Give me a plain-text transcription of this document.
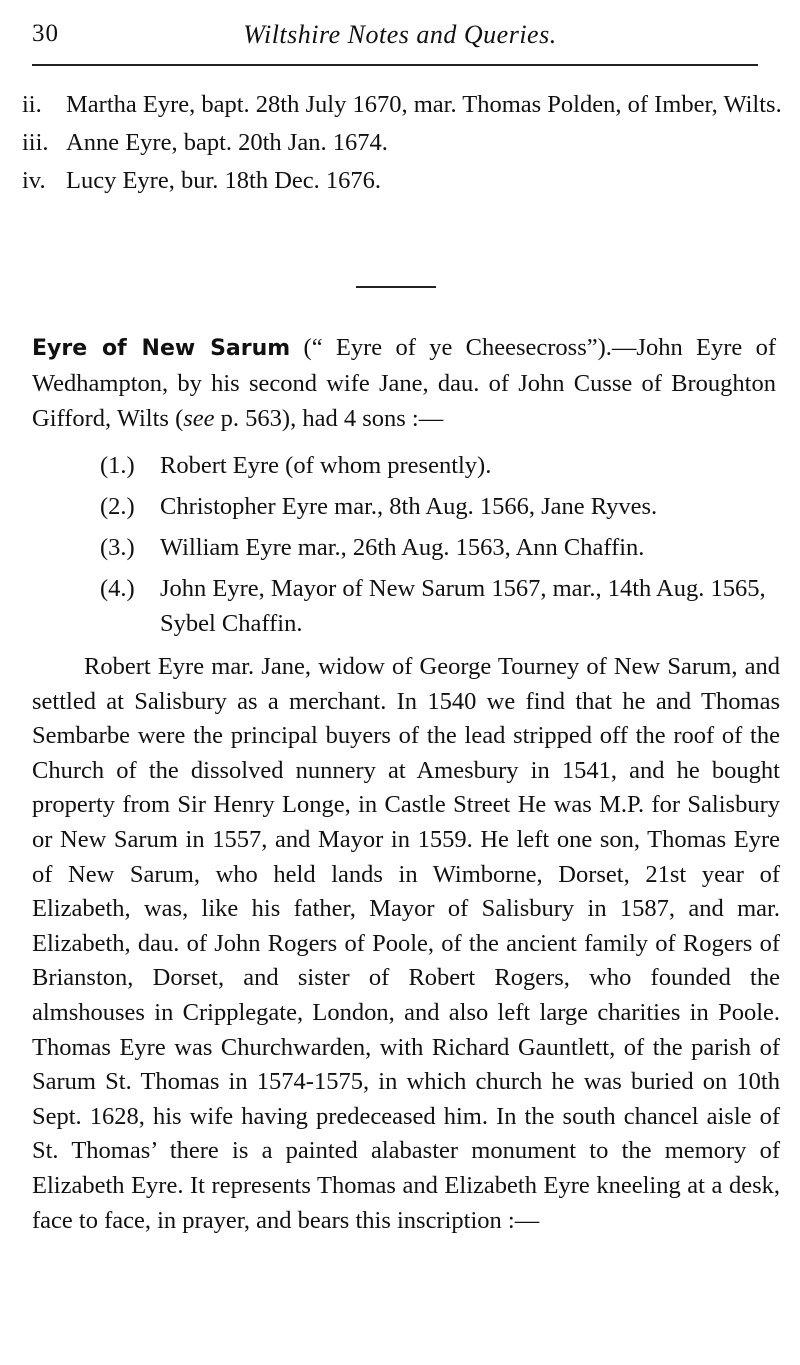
30	Wiltshire Notes and Queries.
ii. Martha Eyre, bapt. 28th July 1670, mar. Thomas Polden, of Imber, Wilts.
iii. Anne Eyre, bapt. 20th Jan. 1674.
iv. Lucy Eyre, bur. 18th Dec. 1676.
Eyre of New Sarum (“ Eyre of ye Cheesecross”).—John Eyre of Wedhampton, by his second wife Jane, dau. of John Cusse of Broughton Gifford, Wilts (see p. 563), had 4 sons :—
(1.) Robert Eyre (of whom presently).
(2.) Christopher Eyre mar., 8th Aug. 1566, Jane Ryves.
(3.) William Eyre mar., 26th Aug. 1563, Ann Chaffin.
(4.) John Eyre, Mayor of New Sarum 1567, mar., 14th Aug. 1565, Sybel Chaffin.
Robert Eyre mar. Jane, widow of George Tourney of New Sarum, and settled at Salisbury as a merchant. In 1540 we find that he and Thomas Sembarbe were the principal buyers of the lead stripped off the roof of the Church of the dissolved nunnery at Amesbury in 1541, and he bought property from Sir Henry Longe, in Castle Street He was M.P. for Salisbury or New Sarum in 1557, and Mayor in 1559. He left one son, Thomas Eyre of New Sarum, who held lands in Wimborne, Dorset, 21st year of Elizabeth, was, like his father, Mayor of Salisbury in 1587, and mar. Elizabeth, dau. of John Rogers of Poole, of the ancient family of Rogers of Brianston, Dorset, and sister of Robert Rogers, who founded the almshouses in Cripplegate, London, and also left large charities in Poole. Thomas Eyre was Churchwarden, with Richard Gauntlett, of the parish of Sarum St. Thomas in 1574-1575, in which church he was buried on 10th Sept. 1628, his wife having predeceased him. In the south chancel aisle of St. Thomas’ there is a painted alabaster monument to the memory of Elizabeth Eyre. It represents Thomas and Elizabeth Eyre kneeling at a desk, face to face, in prayer, and bears this inscription :—
